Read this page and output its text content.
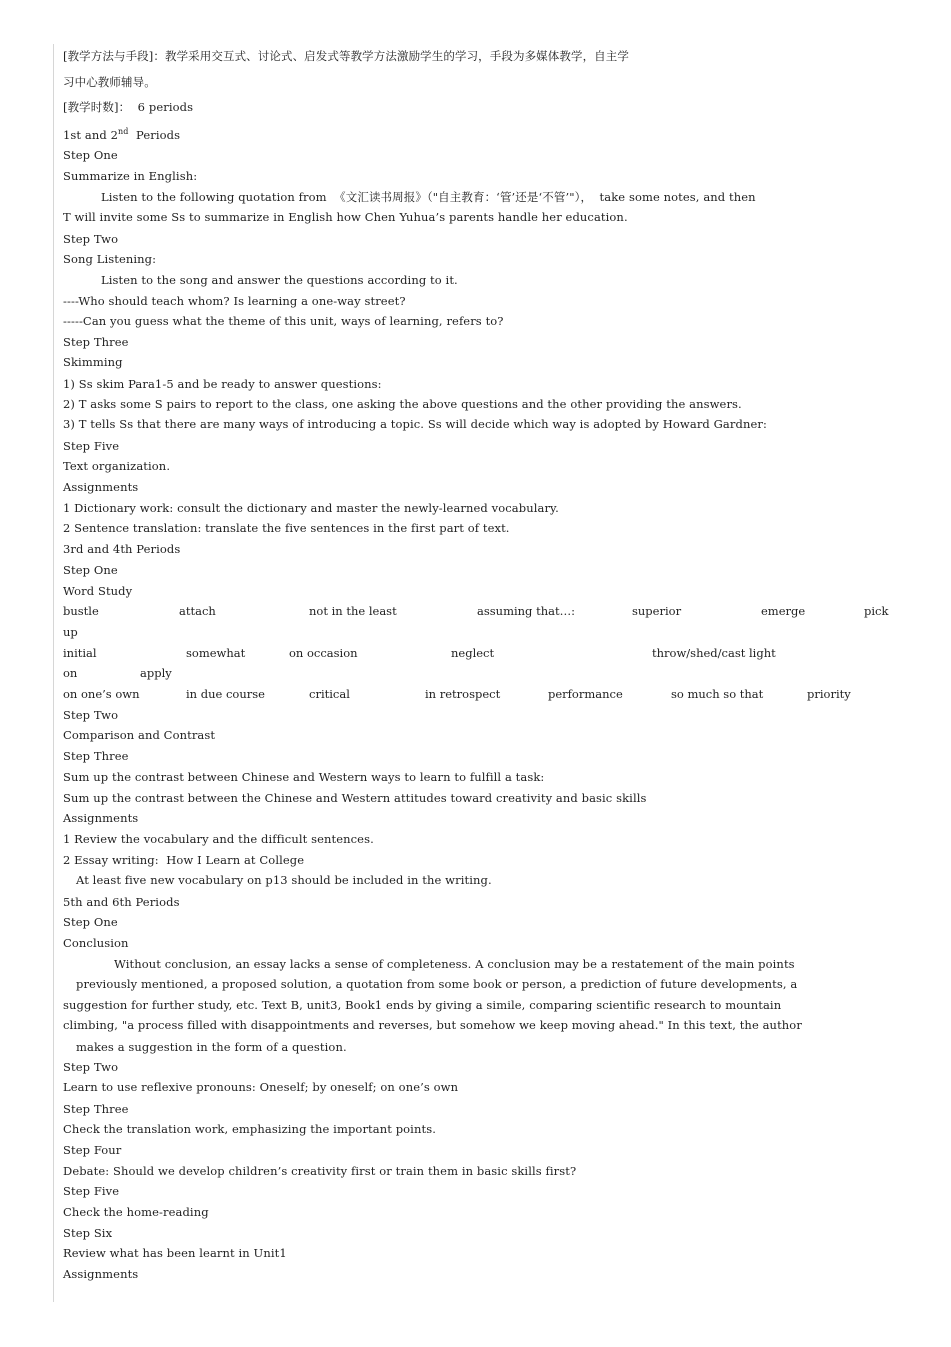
[教学方法与手段]：教学采用交互式、讨论式、启发式等教学方法激励学生的学习，手段为多媒体教学，自主学
习中心教师辅导。
[教学时数]：  6 periods
1st and 2nd  Periods
Step One
Summarize in English:
Listen to the following quotation from  《文汇读书周报》（"自主教育：‘管’还是‘不管’"），  take some notes, and then
T will invite some Ss to summarize in English how Chen Yuhua’s parents handle her education.
Step Two
Song Listening:
Listen to the song and answer the questions according to it.
----Who should teach whom? Is learning a one-way street?
-----Can you guess what the theme of this unit, ways of learning, refers to?
Step Three
Skimming
1) Ss skim Para1-5 and be ready to answer questions:
2) T asks some S pairs to report to the class, one asking the above questions and the other providing the answers.
3) T tells Ss that there are many ways of introducing a topic. Ss will decide which way is adopted by Howard Gardner:
Step Five
Text organization.
Assignments
1 Dictionary work: consult the dictionary and master the newly-learned vocabulary.
2 Sentence translation: translate the five sentences in the first part of text.
3rd and 4th Periods
Step One
Word Study
bustle	attach	not in the least	assuming that…:	superior	emerge	pick
up
initial	somewhat	on occasion	neglect	throw/shed/cast light
on	apply
on one’s own	in due course	critical	in retrospect	performance	so much so that	priority
Step Two
Comparison and Contrast
Step Three
Sum up the contrast between Chinese and Western ways to learn to fulfill a task:
Sum up the contrast between the Chinese and Western attitudes toward creativity and basic skills
Assignments
1 Review the vocabulary and the difficult sentences.
2 Essay writing:  How I Learn at College
At least five new vocabulary on p13 should be included in the writing.
5th and 6th Periods
Step One
Conclusion
Without conclusion, an essay lacks a sense of completeness. A conclusion may be a restatement of the main points
previously mentioned, a proposed solution, a quotation from some book or person, a prediction of future developments, a
suggestion for further study, etc. Text B, unit3, Book1 ends by giving a simile, comparing scientific research to mountain
climbing, "a process filled with disappointments and reverses, but somehow we keep moving ahead." In this text, the author
makes a suggestion in the form of a question.
Step Two
Learn to use reflexive pronouns: Oneself; by oneself; on one’s own
Step Three
Check the translation work, emphasizing the important points.
Step Four
Debate: Should we develop children’s creativity first or train them in basic skills first?
Step Five
Check the home-reading
Step Six
Review what has been learnt in Unit1
Assignments
